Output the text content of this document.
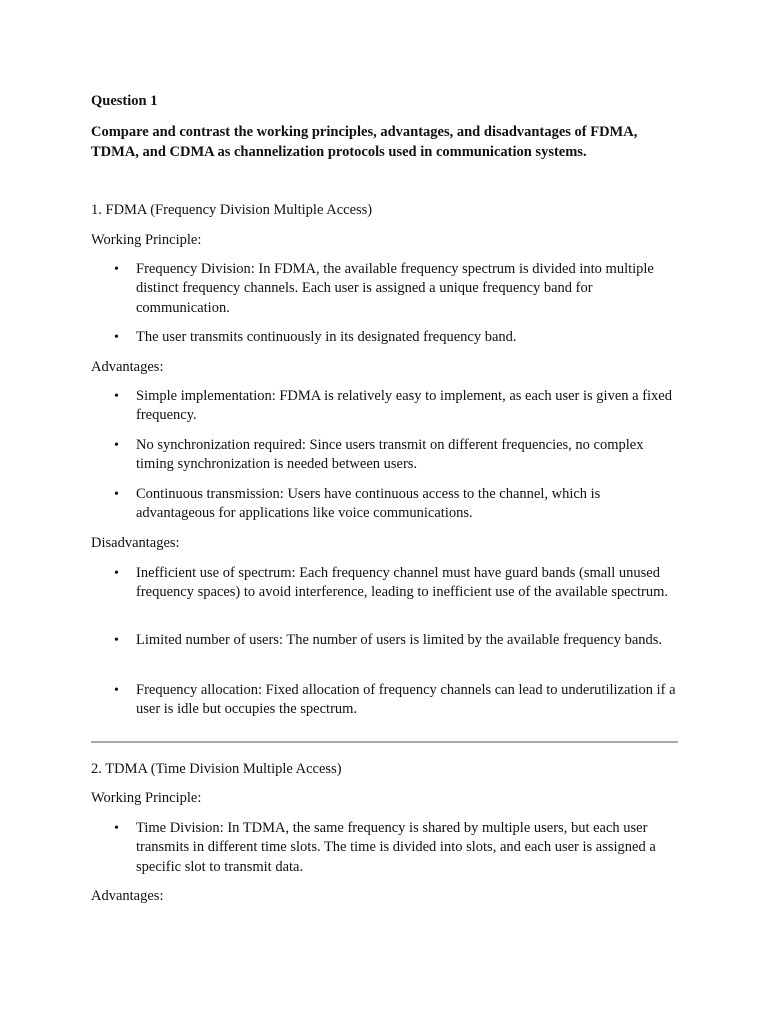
Question 1

Compare and contrast the working principles, advantages, and disadvantages of FDMA, TDMA, and CDMA as channelization protocols used in communication systems.

1. FDMA (Frequency Division Multiple Access)

Working Principle:

• Frequency Division: In FDMA, the available frequency spectrum is divided into multiple distinct frequency channels. Each user is assigned a unique frequency band for communication.
• The user transmits continuously in its designated frequency band.

Advantages:

• Simple implementation: FDMA is relatively easy to implement, as each user is given a fixed frequency.
• No synchronization required: Since users transmit on different frequencies, no complex timing synchronization is needed between users.
• Continuous transmission: Users have continuous access to the channel, which is advantageous for applications like voice communications.

Disadvantages:

• Inefficient use of spectrum: Each frequency channel must have guard bands (small unused frequency spaces) to avoid interference, leading to inefficient use of the available spectrum.
• Limited number of users: The number of users is limited by the available frequency bands.
• Frequency allocation: Fixed allocation of frequency channels can lead to underutilization if a user is idle but occupies the spectrum.

2. TDMA (Time Division Multiple Access)

Working Principle:

• Time Division: In TDMA, the same frequency is shared by multiple users, but each user transmits in different time slots. The time is divided into slots, and each user is assigned a specific slot to transmit data.

Advantages:
